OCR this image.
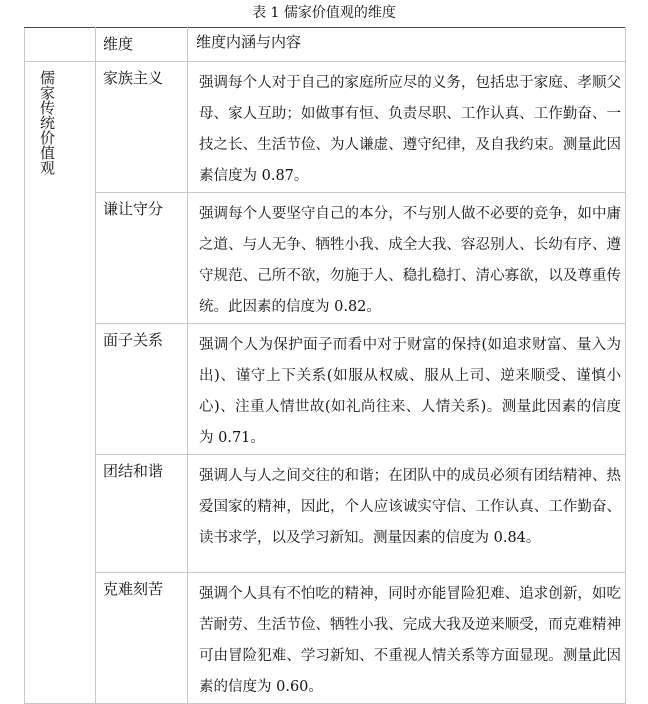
表 1 儒家价值观的维度
	维度	维度内涵与内容

儒家传统价值观	家族主义	强调每个人对于自己的家庭所应尽的义务，包括忠于家庭、孝顺父母、家人互助；如做事有恒、负责尽职、工作认真、工作勤奋、一技之长、生活节俭、为人谦虚、遵守纪律，及自我约束。测量此因素信度为 0.87。

	谦让守分	强调每个人要坚守自己的本分，不与别人做不必要的竞争，如中庸之道、与人无争、牺牲小我、成全大我、容忍别人、长幼有序、遵守规范、己所不欲，勿施于人、稳扎稳打、清心寡欲，以及尊重传统。此因素的信度为 0.82。

	面子关系	强调个人为保护面子而看中对于财富的保持(如追求财富、量入为出)、谨守上下关系(如服从权威、服从上司、逆来顺受、谨慎小心)、注重人情世故(如礼尚往来、人情关系)。测量此因素的信度为 0.71。

	团结和谐	强调人与人之间交往的和谐；在团队中的成员必须有团结精神、热爱国家的精神，因此，个人应该诚实守信、工作认真、工作勤奋、读书求学，以及学习新知。测量因素的信度为 0.84。

	克难刻苦	强调个人具有不怕吃的精神，同时亦能冒险犯难、追求创新，如吃苦耐劳、生活节俭、牺牲小我、完成大我及逆来顺受，而克难精神可由冒险犯难、学习新知、不重视人情关系等方面显现。测量此因素的信度为 0.60。
